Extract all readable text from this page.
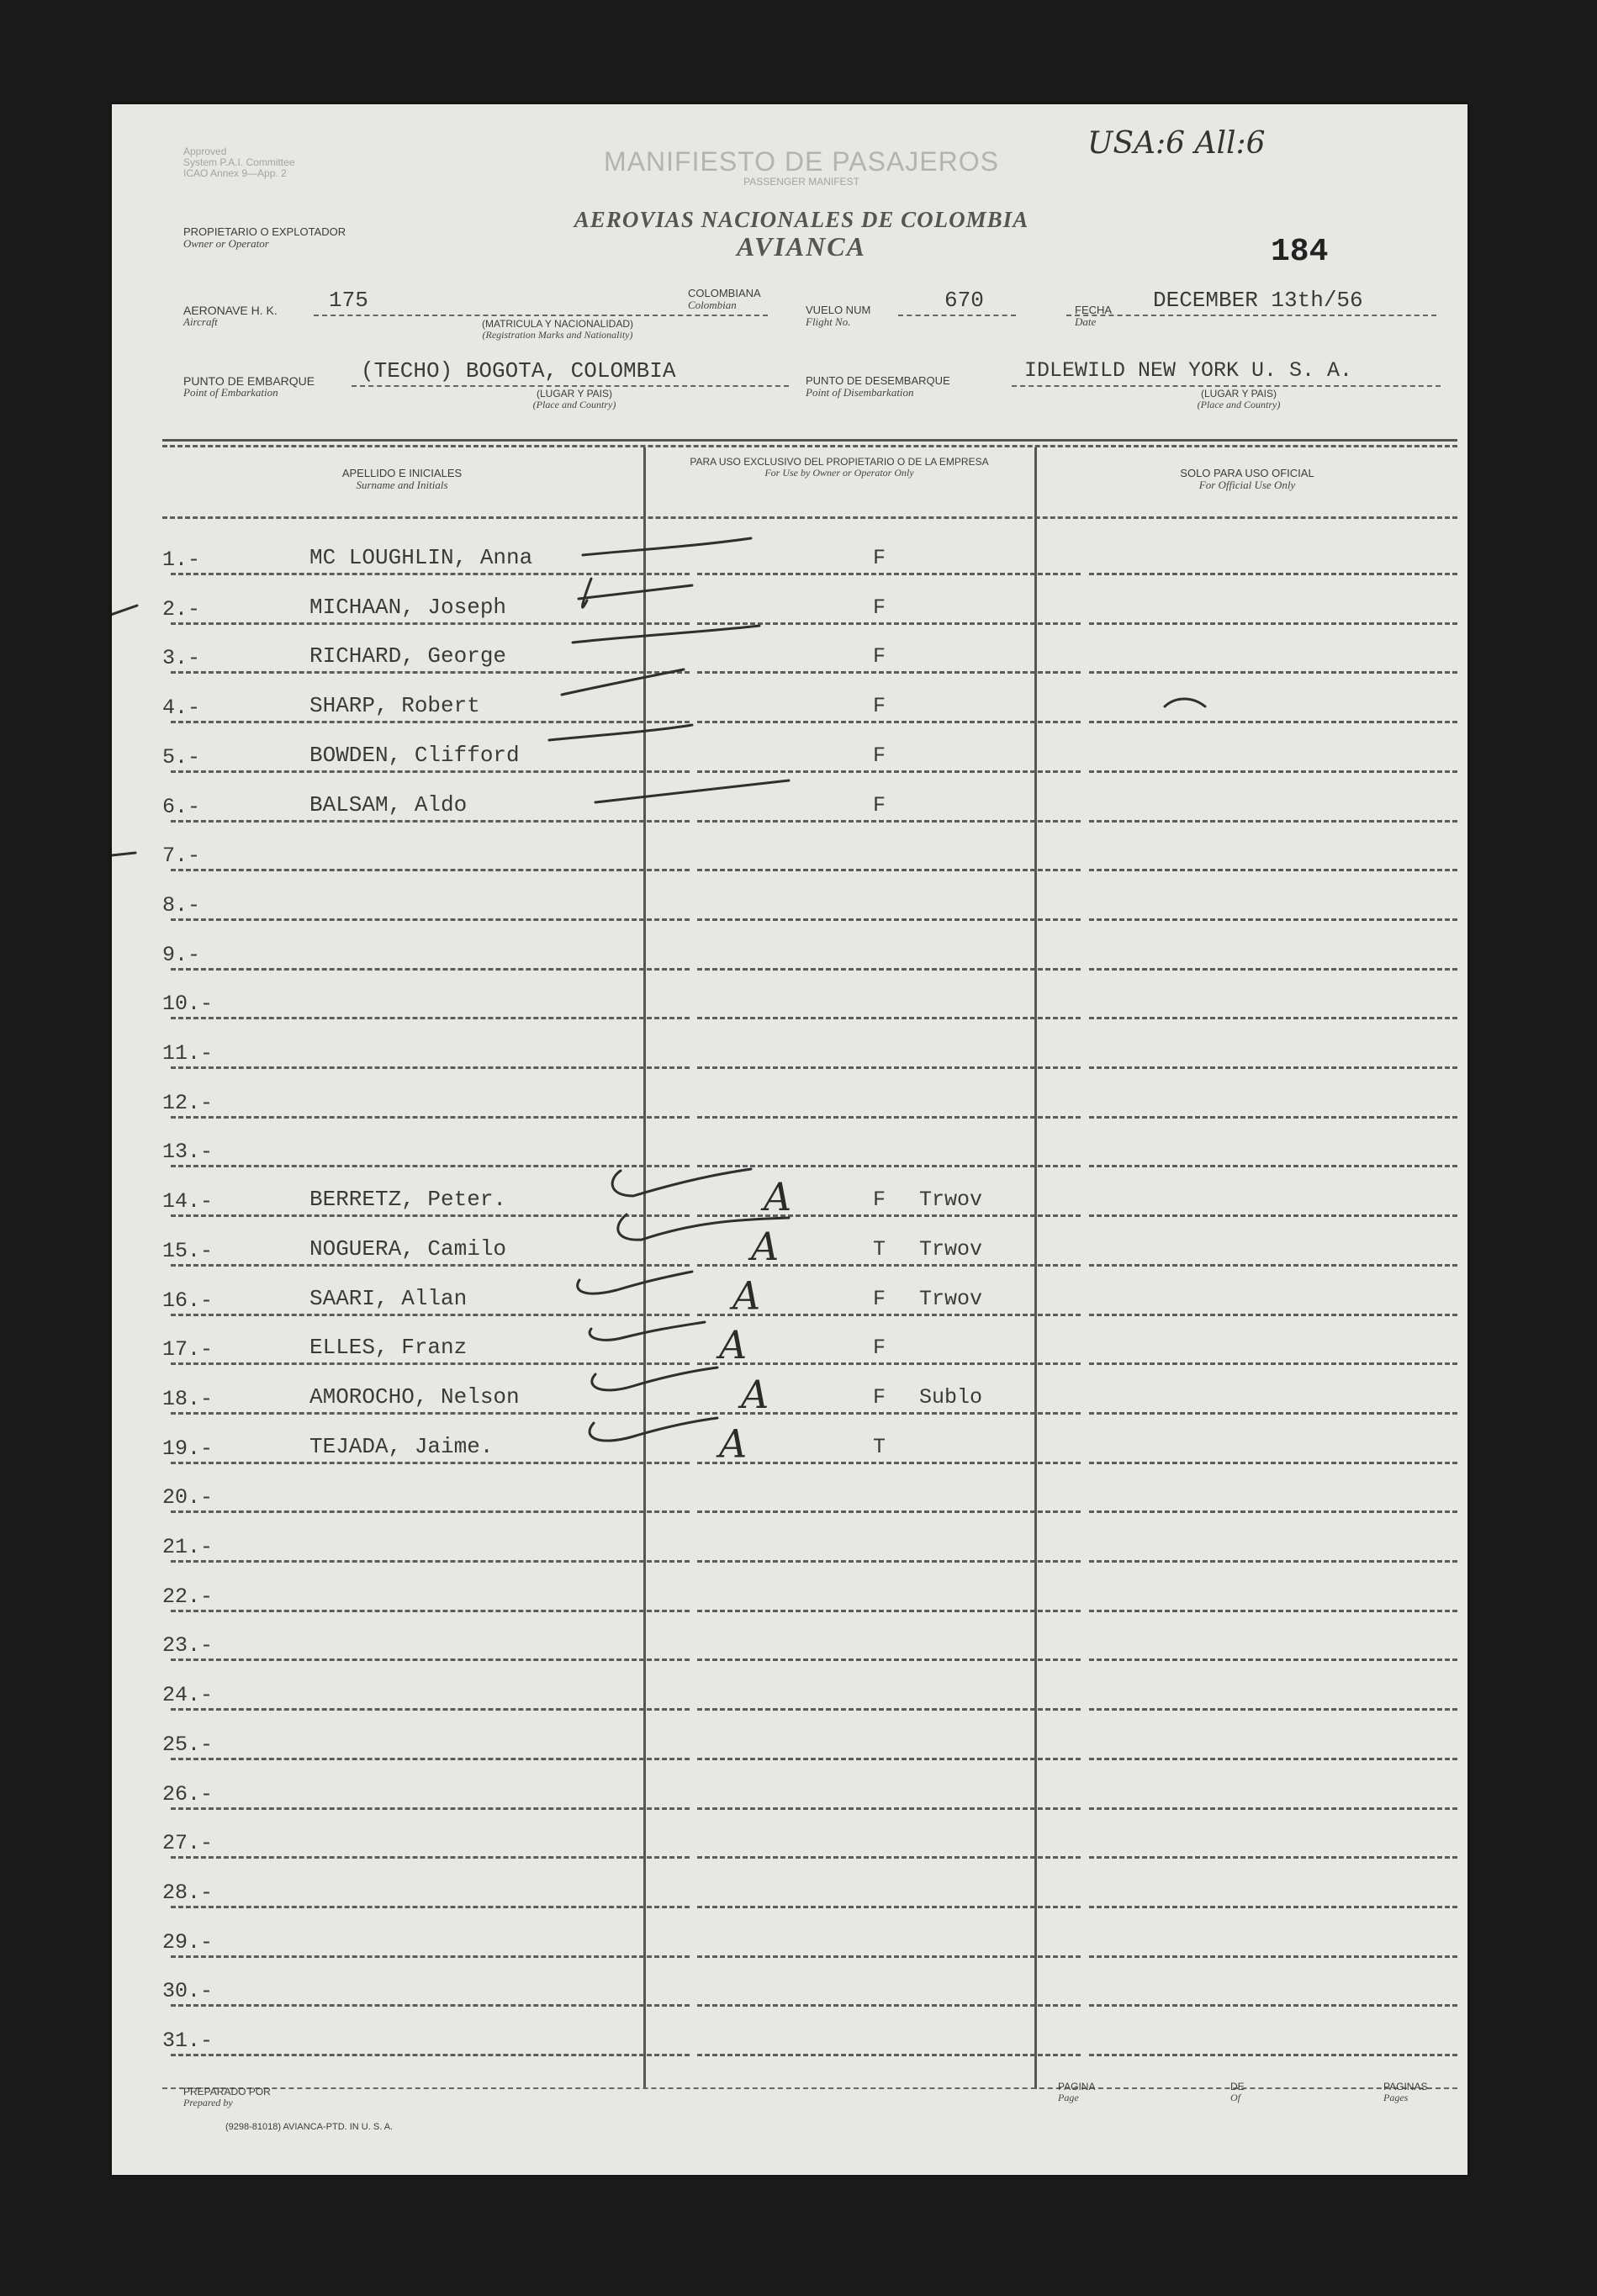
Approved
System P.A.I. Committee
ICAO Annex 9—App. 2	MANIFIESTO DE PASAJEROS
PASSENGER MANIFEST
USA:6 All:6
AEROVIAS NACIONALES DE COLOMBIA
AVIANCA	184
PROPIETARIO O EXPLOTADOR
Owner or Operator
AERONAVE H. K.
Aircraft
175
(MATRICULA Y NACIONALIDAD)
(Registration Marks and Nationality)
COLOMBIANA
Colombian	VUELO NUM
Flight No.
670	FECHA
Date
DECEMBER 13th/56
PUNTO DE EMBARQUE
Point of Embarkation
(TECHO) BOGOTA, COLOMBIA
(LUGAR Y PAIS)
(Place and Country)
PUNTO DE DESEMBARQUE
Point of Disembarkation
IDLEWILD NEW YORK U. S. A.
(LUGAR Y PAIS)
(Place and Country)
APELLIDO E INICIALES
Surname and Initials
PARA USO EXCLUSIVO DEL PROPIETARIO O DE LA EMPRESA
For Use by Owner or Operator Only	SOLO PARA USO OFICIAL
For Official Use Only
1.-	MC LOUGHLIN, Anna	F
2.-	MICHAAN, Joseph	F
3.-	RICHARD, George	F
4.-	SHARP, Robert	F
5.-	BOWDEN, Clifford	F
6.-	BALSAM, Aldo	F
7.-
8.-
9.-
10.-
11.-
12.-
13.-
14.-	BERRETZ, Peter.	F Trwov
15.-	NOGUERA, Camilo	T Trwov
16.-	SAARI, Allan	F Trwov
17.-	ELLES, Franz	F
18.-	AMOROCHO, Nelson	F Sublo
19.-	TEJADA, Jaime.	T
20.-
21.-
22.-
23.-
24.-
25.-
26.-
27.-
28.-
29.-
30.-
31.-
A
A
A
A
A
A
PREPARADO POR
Prepared by
PAGINA
Page
DE
Of
PAGINAS
Pages
(9298-81018) AVIANCA-PTD. IN U. S. A.
